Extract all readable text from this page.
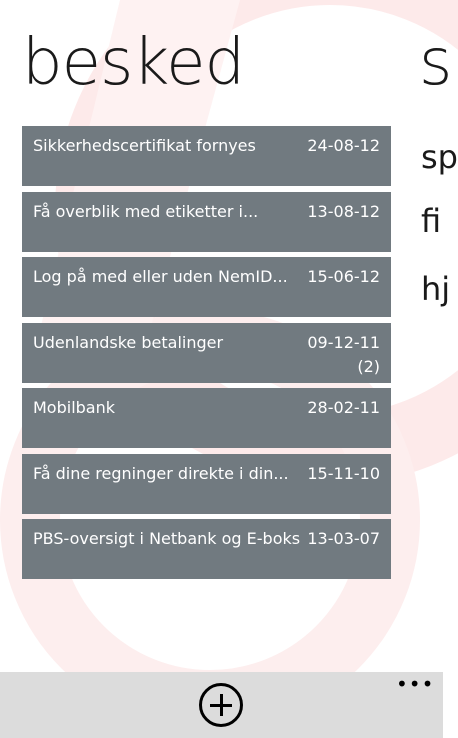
besked	s
sp
fi
hj
Sikkerhedscertifikat fornyes	24-08-12
Få overblik med etiketter i...	13-08-12
Log på med eller uden NemID...	15-06-12
Udenlandske betalinger	09-12-11
(2)
Mobilbank	28-02-11
Få dine regninger direkte i din...	15-11-10
PBS-oversigt i Netbank og E-boks 13-03-07
•••
